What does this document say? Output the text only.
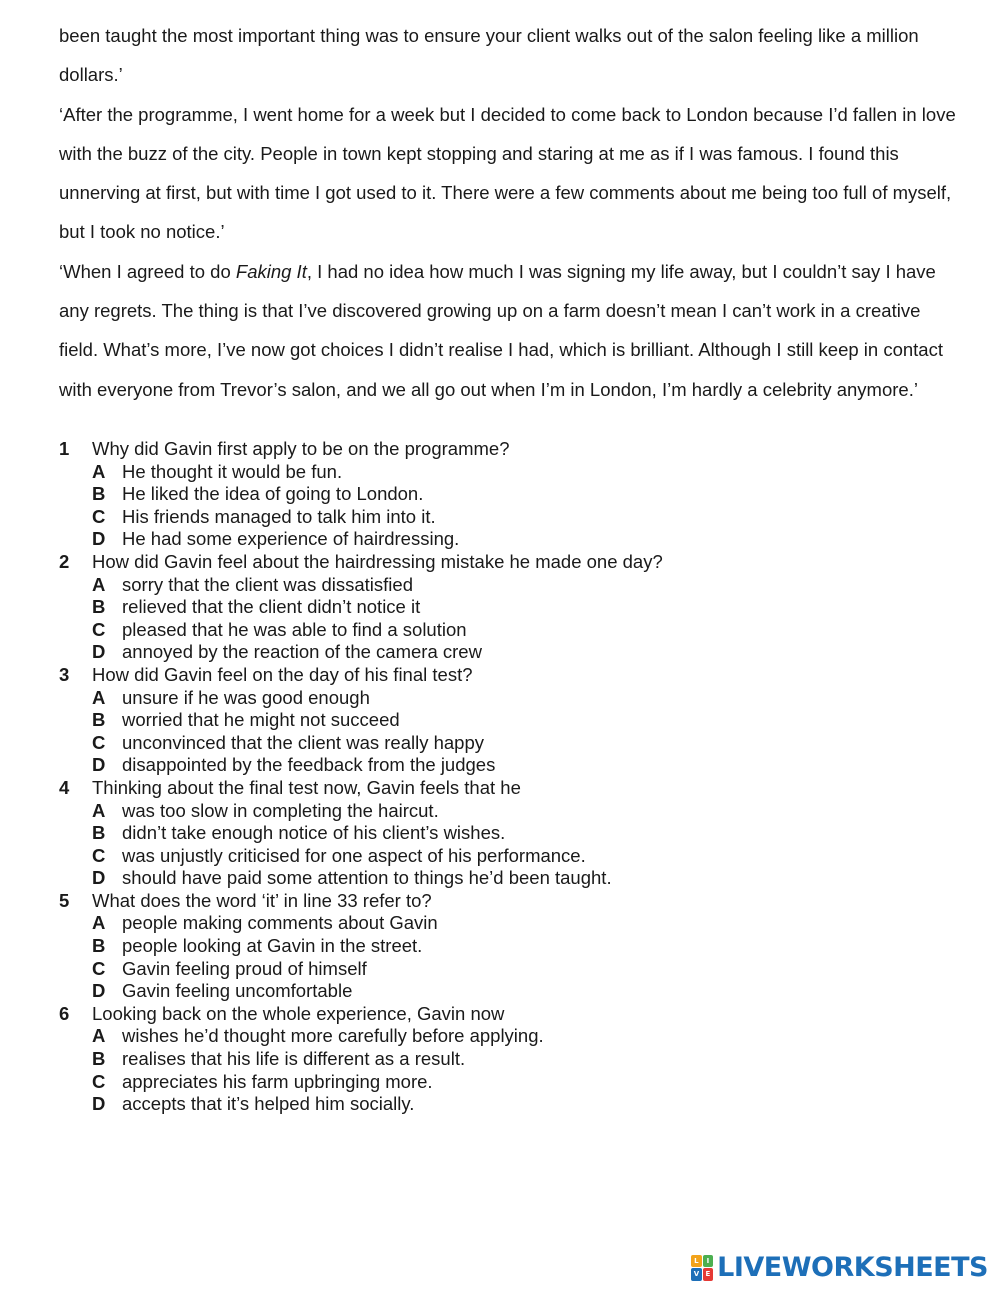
been taught the most important thing was to ensure your client walks out of the salon feeling like a million dollars.’

‘After the programme, I went home for a week but I decided to come back to London because I’d fallen in love with the buzz of the city. People in town kept stopping and staring at me as if I was famous. I found this unnerving at first, but with time I got used to it. There were a few comments about me being too full of myself, but I took no notice.’

‘When I agreed to do Faking It, I had no idea how much I was signing my life away, but I couldn’t say I have any regrets. The thing is that I’ve discovered growing up on a farm doesn’t mean I can’t work in a creative field. What’s more, I’ve now got choices I didn’t realise I had, which is brilliant. Although I still keep in contact with everyone from Trevor’s salon, and we all go out when I’m in London, I’m hardly a celebrity anymore.’

1	Why did Gavin first apply to be on the programme?
A He thought it would be fun.
B He liked the idea of going to London.
C His friends managed to talk him into it.
D He had some experience of hairdressing.
2	How did Gavin feel about the hairdressing mistake he made one day?
A sorry that the client was dissatisfied
B relieved that the client didn’t notice it
C pleased that he was able to find a solution
D annoyed by the reaction of the camera crew
3	How did Gavin feel on the day of his final test?
A unsure if he was good enough
B worried that he might not succeed
C unconvinced that the client was really happy
D disappointed by the feedback from the judges
4	Thinking about the final test now, Gavin feels that he
A was too slow in completing the haircut.
B didn’t take enough notice of his client’s wishes.
C was unjustly criticised for one aspect of his performance.
D should have paid some attention to things he’d been taught.
5	What does the word ‘it’ in line 33 refer to?
A people making comments about Gavin
B people looking at Gavin in the street.
C Gavin feeling proud of himself
D Gavin feeling uncomfortable
6	Looking back on the whole experience, Gavin now
A wishes he’d thought more carefully before applying.
B realises that his life is different as a result.
C appreciates his farm upbringing more.
D accepts that it’s helped him socially.
L	I
V E LIVEWORKSHEETS
